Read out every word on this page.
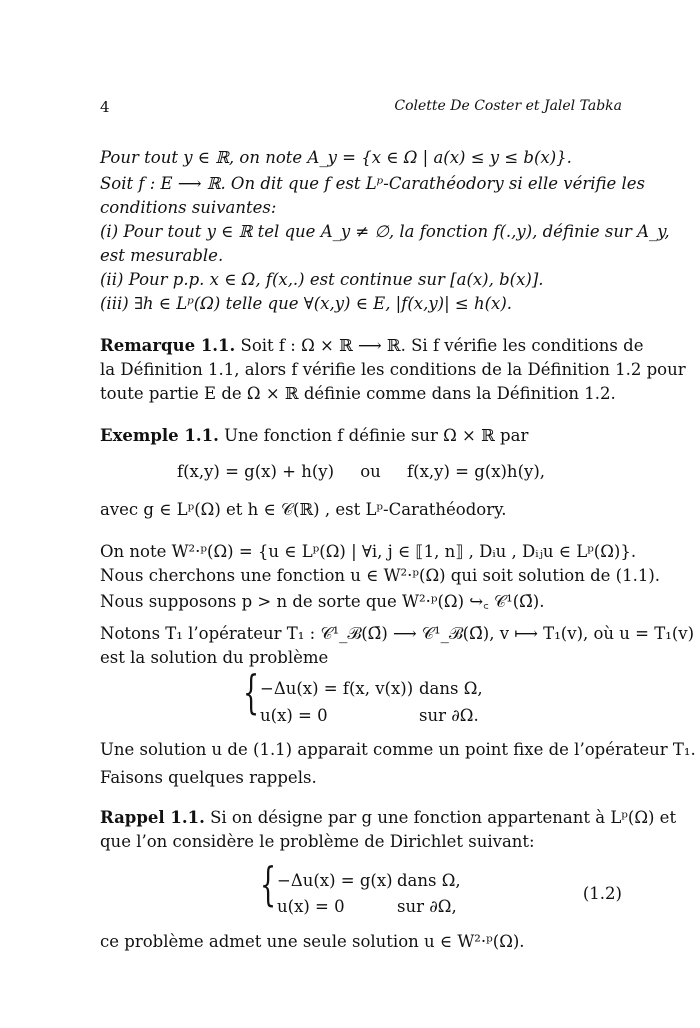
4	Colette De Coster et Jalel Tabka
Pour tout y ∈ ℝ, on note A_y = {x ∈ Ω | a(x) ≤ y ≤ b(x)}.
Soit f : E ⟶ ℝ. On dit que f est Lᵖ-Carathéodory si elle vérifie les
conditions suivantes:
(i) Pour tout y ∈ ℝ tel que A_y ≠ ∅, la fonction f(.,y), définie sur A_y,
est mesurable.
(ii) Pour p.p. x ∈ Ω, f(x,.) est continue sur [a(x), b(x)].
(iii) ∃h ∈ Lᵖ(Ω) telle que ∀(x,y) ∈ E, |f(x,y)| ≤ h(x).
Remarque 1.1. Soit f : Ω × ℝ ⟶ ℝ. Si f vérifie les conditions de
la Définition 1.1, alors f vérifie les conditions de la Définition 1.2 pour
toute partie E de Ω × ℝ définie comme dans la Définition 1.2.
Exemple 1.1. Une fonction f définie sur Ω × ℝ par
f(x,y) = g(x) + h(y)     ou     f(x,y) = g(x)h(y),
avec g ∈ Lᵖ(Ω) et h ∈ 𝒞(ℝ) , est Lᵖ-Carathéodory.
On note W²·ᵖ(Ω) = {u ∈ Lᵖ(Ω) | ∀i, j ∈ ⟦1, n⟧ , Dᵢu , Dᵢⱼu ∈ Lᵖ(Ω)}.
Nous cherchons une fonction u ∈ W²·ᵖ(Ω) qui soit solution de (1.1).
Nous supposons p > n de sorte que W²·ᵖ(Ω) ↪꜀ 𝒞¹(Ω̄).
Notons T₁ l’opérateur T₁ : 𝒞¹_ℬ(Ω̄) ⟶ 𝒞¹_ℬ(Ω̄), v ⟼ T₁(v), où u = T₁(v)
est la solution du problème
{ −Δu(x) = f(x, v(x)) dans Ω,
u(x) = 0	sur ∂Ω.
Une solution u de (1.1) apparait comme un point fixe de l’opérateur T₁.
Faisons quelques rappels.
Rappel 1.1. Si on désigne par g une fonction appartenant à Lᵖ(Ω) et
que l’on considère le problème de Dirichlet suivant:
{ −Δu(x) = g(x) dans Ω,
u(x) = 0	sur ∂Ω,
(1.2)
ce problème admet une seule solution u ∈ W²·ᵖ(Ω).
